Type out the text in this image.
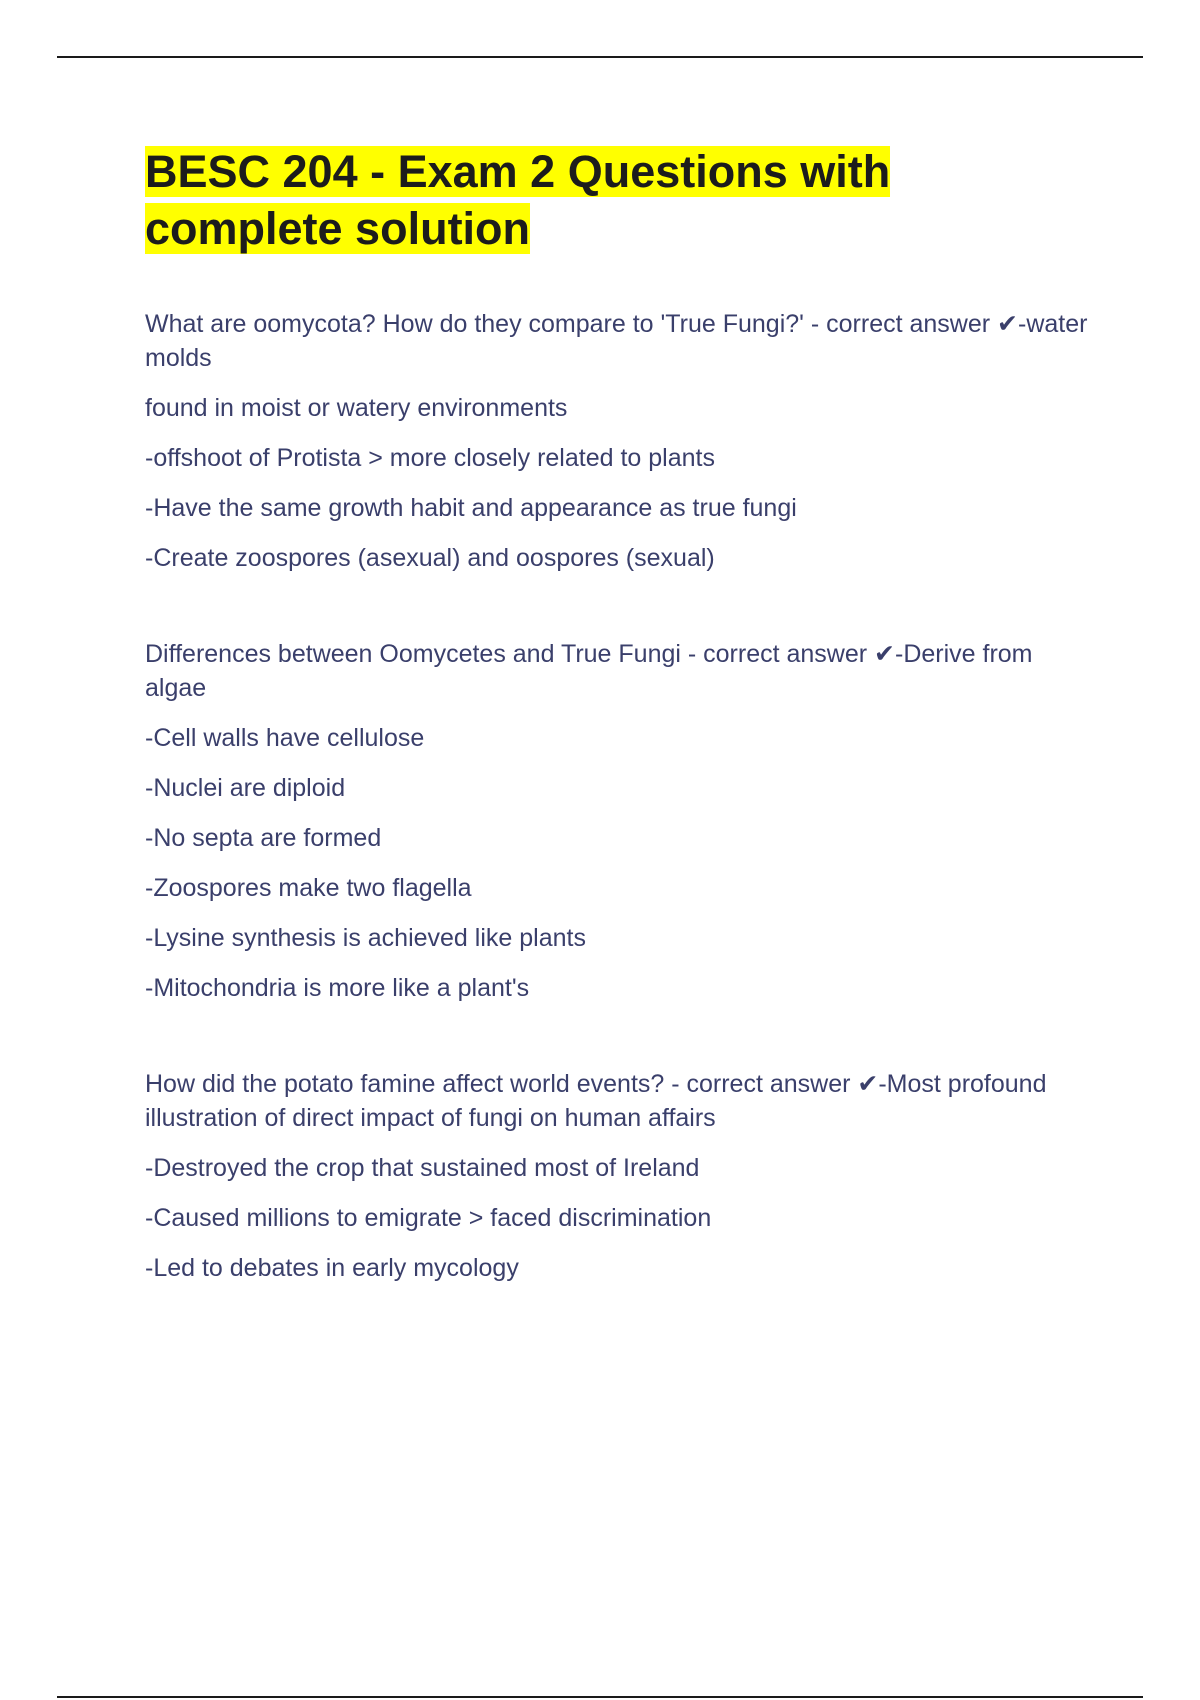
BESC 204 - Exam 2 Questions with complete solution

What are oomycota? How do they compare to 'True Fungi?' - correct answer ✔-water molds

found in moist or watery environments

-offshoot of Protista > more closely related to plants

-Have the same growth habit and appearance as true fungi

-Create zoospores (asexual) and oospores (sexual)

Differences between Oomycetes and True Fungi - correct answer ✔-Derive from algae

-Cell walls have cellulose

-Nuclei are diploid

-No septa are formed

-Zoospores make two flagella

-Lysine synthesis is achieved like plants

-Mitochondria is more like a plant's

How did the potato famine affect world events? - correct answer ✔-Most profound illustration of direct impact of fungi on human affairs

-Destroyed the crop that sustained most of Ireland

-Caused millions to emigrate > faced discrimination

-Led to debates in early mycology
